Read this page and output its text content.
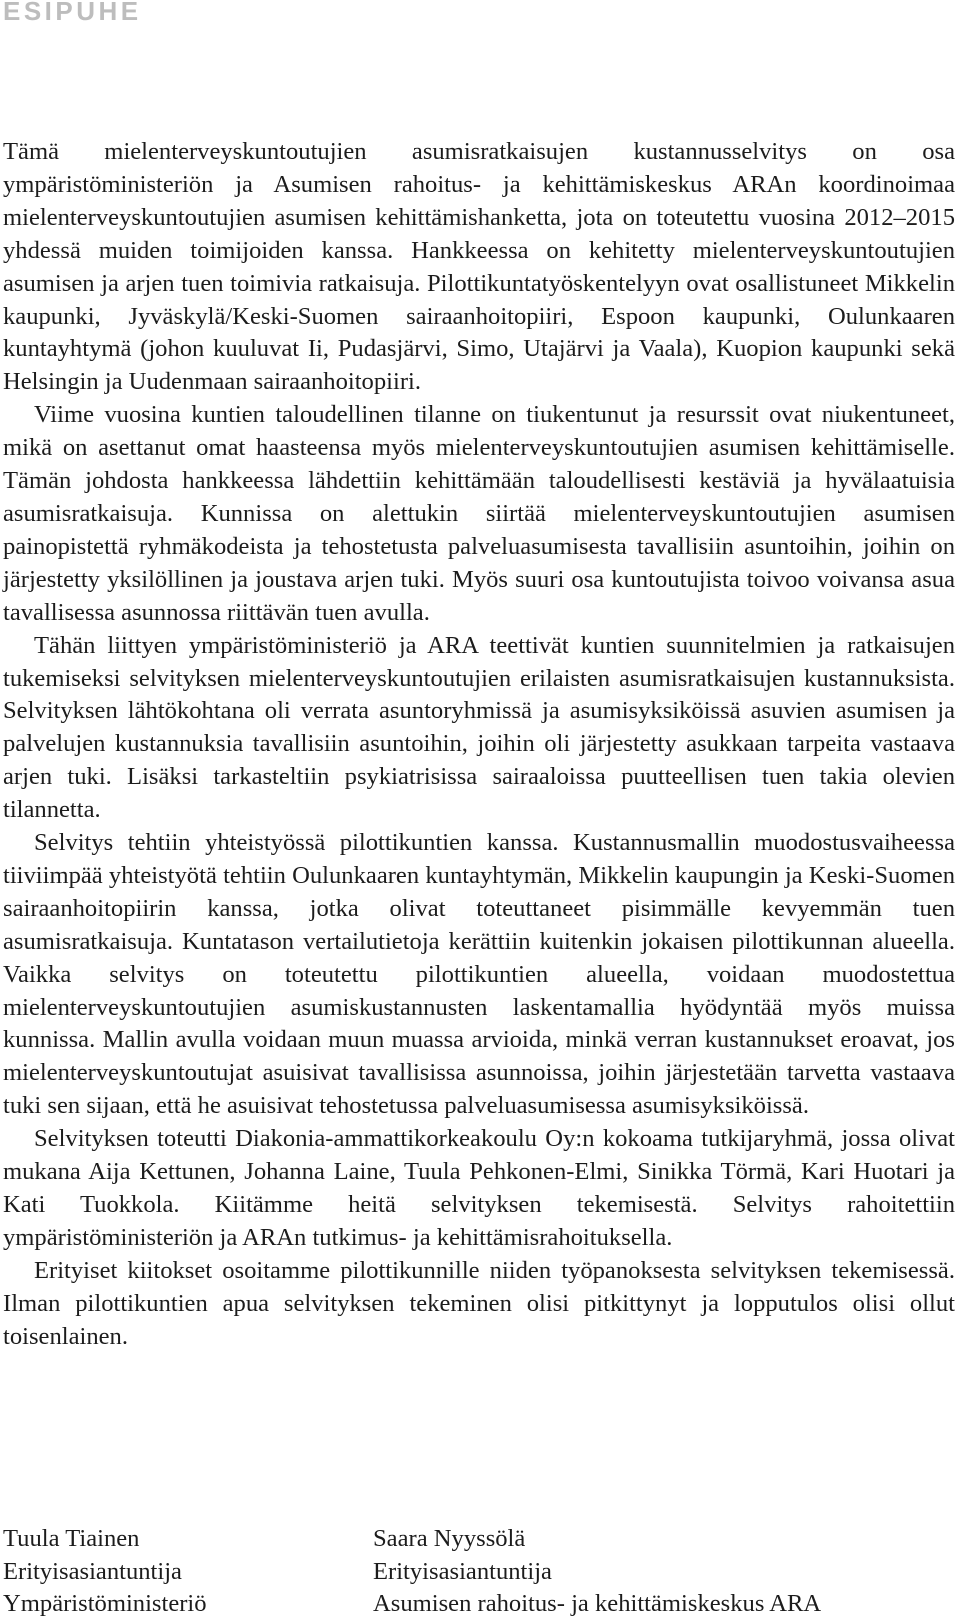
ESIPUHE

Tämä mielenterveyskuntoutujien asumisratkaisujen kustannusselvitys on osa ympäristöministeriön ja Asumisen rahoitus- ja kehittämiskeskus ARAn koordinoimaa mielenterveyskuntoutujien asumisen kehittämishanketta, jota on toteutettu vuosina 2012–2015 yhdessä muiden toimijoiden kanssa. Hankkeessa on kehitetty mielenterveyskuntoutujien asumisen ja arjen tuen toimivia ratkaisuja. Pilottikuntatyöskentelyyn ovat osallistuneet Mikkelin kaupunki, Jyväskylä/Keski-Suomen sairaanhoitopiiri, Espoon kaupunki, Oulunkaaren kuntayhtymä (johon kuuluvat Ii, Pudasjärvi, Simo, Utajärvi ja Vaala), Kuopion kaupunki sekä Helsingin ja Uudenmaan sairaanhoitopiiri.

Viime vuosina kuntien taloudellinen tilanne on tiukentunut ja resurssit ovat niukentuneet, mikä on asettanut omat haasteensa myös mielenterveyskuntoutujien asumisen kehittämiselle. Tämän johdosta hankkeessa lähdettiin kehittämään taloudellisesti kestäviä ja hyvälaatuisia asumisratkaisuja. Kunnissa on alettukin siirtää mielenterveyskuntoutujien asumisen painopistettä ryhmäkodeista ja tehostetusta palveluasumisesta tavallisiin asuntoihin, joihin on järjestetty yksilöllinen ja joustava arjen tuki. Myös suuri osa kuntoutujista toivoo voivansa asua tavallisessa asunnossa riittävän tuen avulla.

Tähän liittyen ympäristöministeriö ja ARA teettivät kuntien suunnitelmien ja ratkaisujen tukemiseksi selvityksen mielenterveyskuntoutujien erilaisten asumisratkaisujen kustannuksista. Selvityksen lähtökohtana oli verrata asuntoryhmissä ja asumisyksiköissä asuvien asumisen ja palvelujen kustannuksia tavallisiin asuntoihin, joihin oli järjestetty asukkaan tarpeita vastaava arjen tuki. Lisäksi tarkasteltiin psykiatrisissa sairaaloissa puutteellisen tuen takia olevien tilannetta.

Selvitys tehtiin yhteistyössä pilottikuntien kanssa. Kustannusmallin muodostusvaiheessa tiiviimpää yhteistyötä tehtiin Oulunkaaren kuntayhtymän, Mikkelin kaupungin ja Keski-Suomen sairaanhoitopiirin kanssa, jotka olivat toteuttaneet pisimmälle kevyemmän tuen asumisratkaisuja. Kuntatason vertailutietoja kerättiin kuitenkin jokaisen pilottikunnan alueella. Vaikka selvitys on toteutettu pilottikuntien alueella, voidaan muodostettua mielenterveyskuntoutujien asumiskustannusten laskentamallia hyödyntää myös muissa kunnissa. Mallin avulla voidaan muun muassa arvioida, minkä verran kustannukset eroavat, jos mielenterveyskuntoutujat asuisivat tavallisissa asunnoissa, joihin järjestetään tarvetta vastaava tuki sen sijaan, että he asuisivat tehostetussa palveluasumisessa asumisyksiköissä.

Selvityksen toteutti Diakonia-ammattikorkeakoulu Oy:n kokoama tutkijaryhmä, jossa olivat mukana Aija Kettunen, Johanna Laine, Tuula Pehkonen-Elmi, Sinikka Törmä, Kari Huotari ja Kati Tuokkola. Kiitämme heitä selvityksen tekemisestä. Selvitys rahoitettiin ympäristöministeriön ja ARAn tutkimus- ja kehittämisrahoituksella.

Erityiset kiitokset osoitamme pilottikunnille niiden työpanoksesta selvityksen tekemisessä. Ilman pilottikuntien apua selvityksen tekeminen olisi pitkittynyt ja lopputulos olisi ollut toisenlainen.

Tuula Tiainen
Erityisasiantuntija
Ympäristöministeriö
Saara Nyyssölä
Erityisasiantuntija
Asumisen rahoitus- ja kehittämiskeskus ARA
